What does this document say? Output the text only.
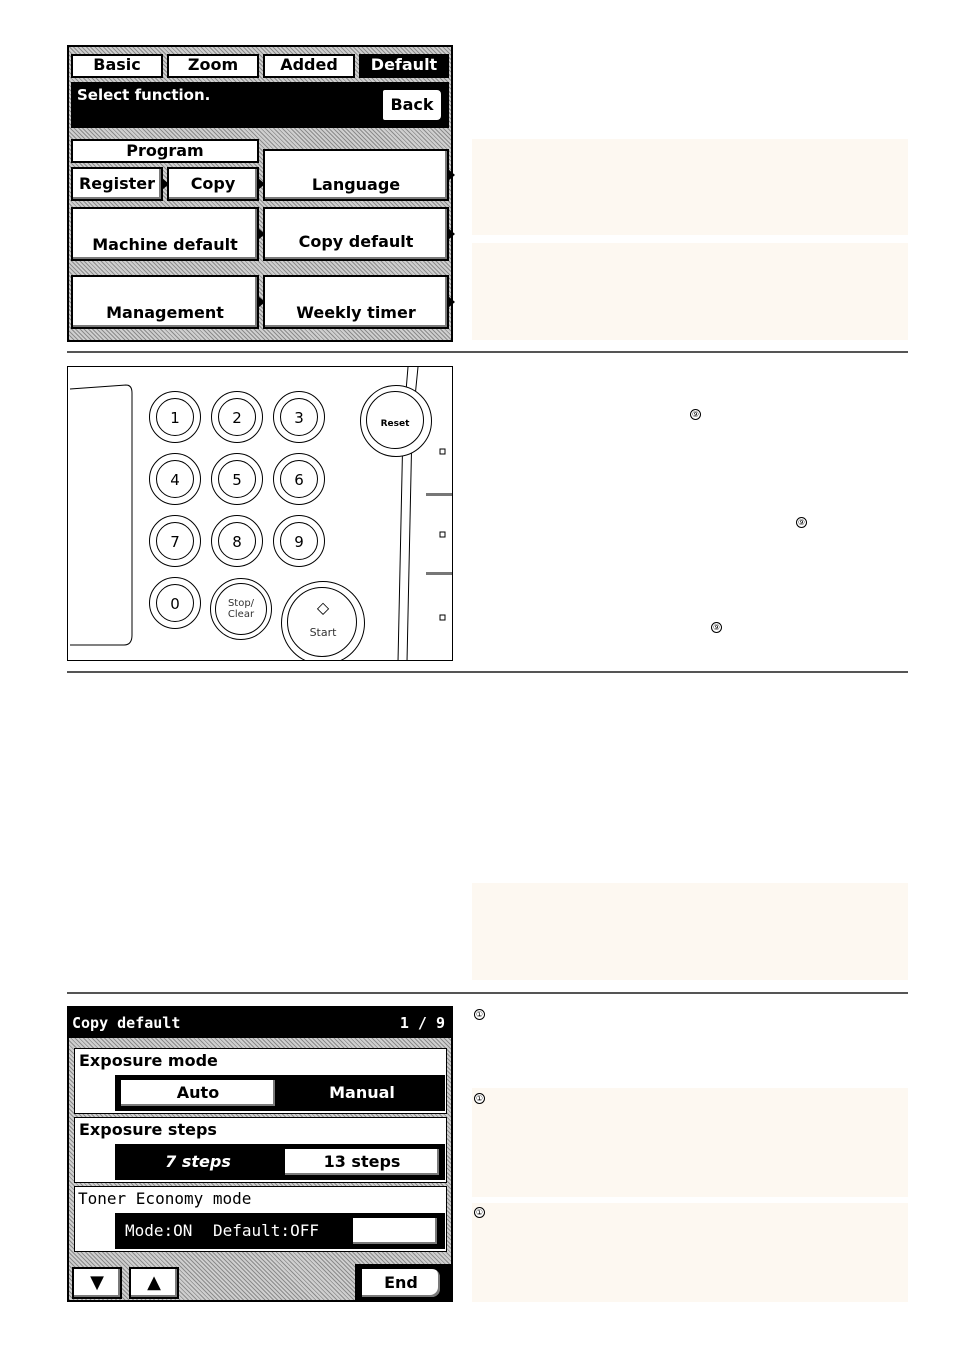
Basic	Zoom	Added	Default
Select function.	Back
Program
Register	Copy	Language
Machine default	Copy default
Management	Weekly timer
1	2	3
4	5	6
7	8	9
0	Stop/
Clear	◇
Start
Reset
⑨
⑨
⑨
Copy default	1 / 9
Exposure mode
Auto	Manual
Exposure steps
7 steps	13 steps
Toner Economy mode
Mode:ON Default:OFF	Change
▼	▲	End
①
①
①
